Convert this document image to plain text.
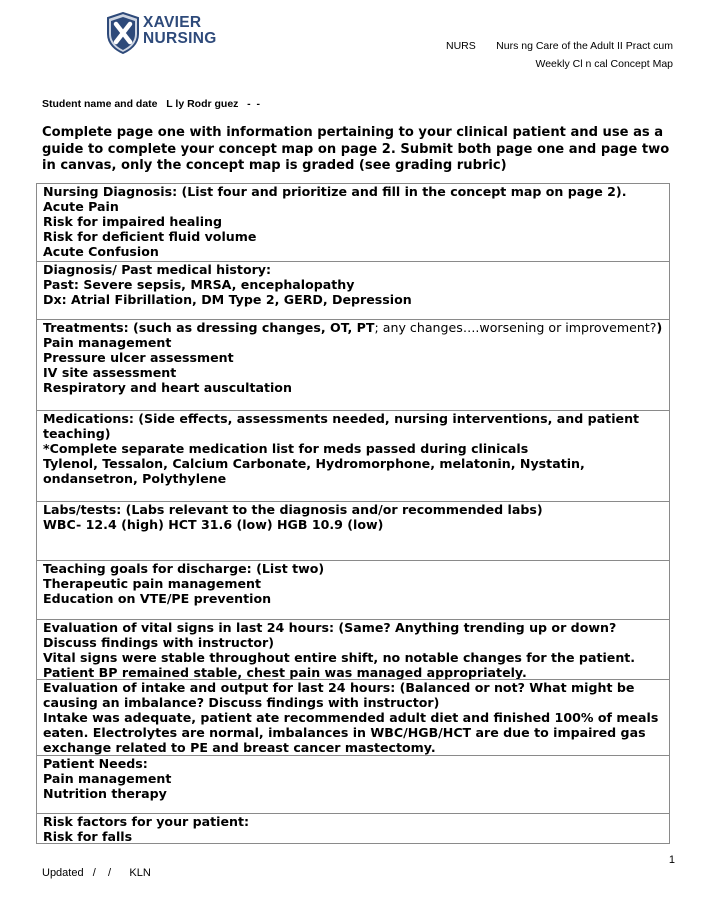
XAVIER
NURSING	NURS       Nurs ng Care of the Adult II Pract cum
Weekly Cl n cal Concept Map
Student name and date   L ly Rodr guez   -  -
Complete page one with information pertaining to your clinical patient and use as a guide to complete your concept map on page 2. Submit both page one and page two in canvas, only the concept map is graded (see grading rubric)
Nursing Diagnosis: (List four and prioritize and fill in the concept map on page 2).
Acute Pain
Risk for impaired healing
Risk for deficient fluid volume
Acute Confusion
Diagnosis/ Past medical history:
Past: Severe sepsis, MRSA, encephalopathy
Dx: Atrial Fibrillation, DM Type 2, GERD, Depression
Treatments: (such as dressing changes, OT, PT; any changes….worsening or improvement?)
Pain management
Pressure ulcer assessment
IV site assessment
Respiratory and heart auscultation
Medications: (Side effects, assessments needed, nursing interventions, and patient teaching)
*Complete separate medication list for meds passed during clinicals
Tylenol, Tessalon, Calcium Carbonate, Hydromorphone, melatonin, Nystatin, ondansetron, Polythylene
Labs/tests: (Labs relevant to the diagnosis and/or recommended labs)
WBC- 12.4 (high) HCT 31.6 (low) HGB 10.9 (low)
Teaching goals for discharge: (List two)
Therapeutic pain management
Education on VTE/PE prevention
Evaluation of vital signs in last 24 hours: (Same? Anything trending up or down? Discuss findings with instructor)
Vital signs were stable throughout entire shift, no notable changes for the patient. Patient BP remained stable, chest pain was managed appropriately.
Evaluation of intake and output for last 24 hours: (Balanced or not? What might be causing an imbalance? Discuss findings with instructor)
Intake was adequate, patient ate recommended adult diet and finished 100% of meals eaten. Electrolytes are normal, imbalances in WBC/HGB/HCT are due to impaired gas exchange related to PE and breast cancer mastectomy.
Patient Needs:
Pain management
Nutrition therapy
Risk factors for your patient:
Risk for falls
1
Updated   /    /      KLN
